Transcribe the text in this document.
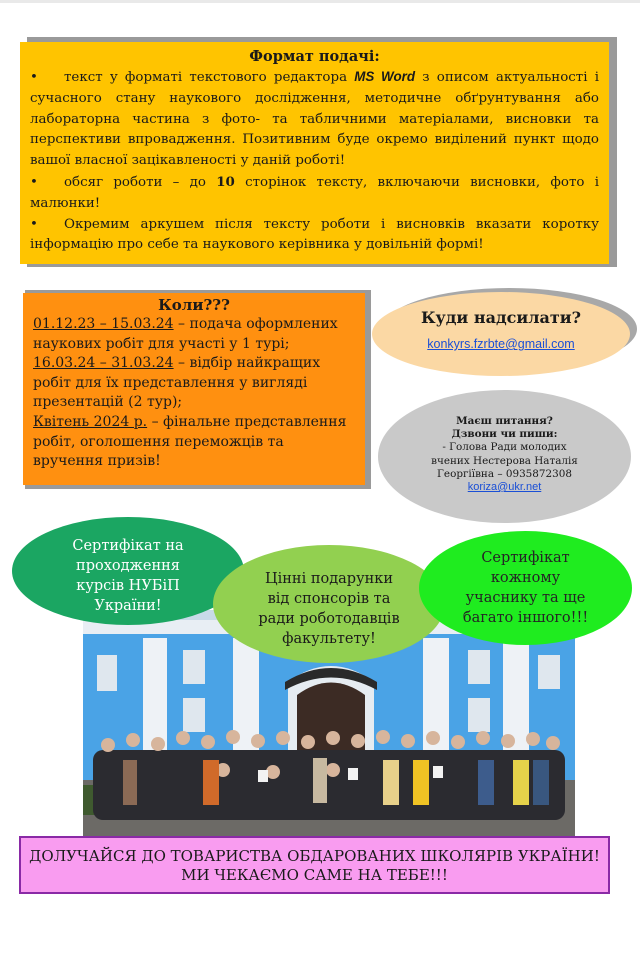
Формат подачі:

• текст у форматі текстового редактора MS Word з описом актуальності і сучасного стану наукового дослідження, методичне обґрунтування або лабораторна частина з фото- та табличними матеріалами, висновки та перспективи впровадження. Позитивним буде окремо виділений пункт щодо вашої власної зацікавленості у даній роботі!

• обсяг роботи – до 10 сторінок тексту, включаючи висновки, фото і малюнки!

• Окремим аркушем після тексту роботи і висновків вказати коротку інформацію про себе та наукового керівника у довільній формі!

Коли???

01.12.23 – 15.03.24 – подача оформлених наукових робіт для участі у 1 турі;

16.03.24 – 31.03.24 – відбір найкращих робіт для їх представлення у вигляді презентацій (2 тур);

Квітень 2024 р. – фінальне представлення робіт, оголошення переможців та вручення призів!

Куди надсилати?
konkyrs.fzrbte@gmail.com
Маєш питання?
Дзвони чи пиши:
- Голова Ради молодих
вчених Нестерова Наталія
Георгіївна – 0935872308
koriza@ukr.net
Сертифікат на проходження курсів НУБіП України!
Цінні подарунки від спонсорів та ради роботодавців факультету!
Сертифікат кожному учаснику та ще багато іншого!!!
ДОЛУЧАЙСЯ ДО ТОВАРИСТВА ОБДАРОВАНИХ ШКОЛЯРІВ УКРАЇНИ!
МИ ЧЕКАЄМО САМЕ НА ТЕБЕ!!!
